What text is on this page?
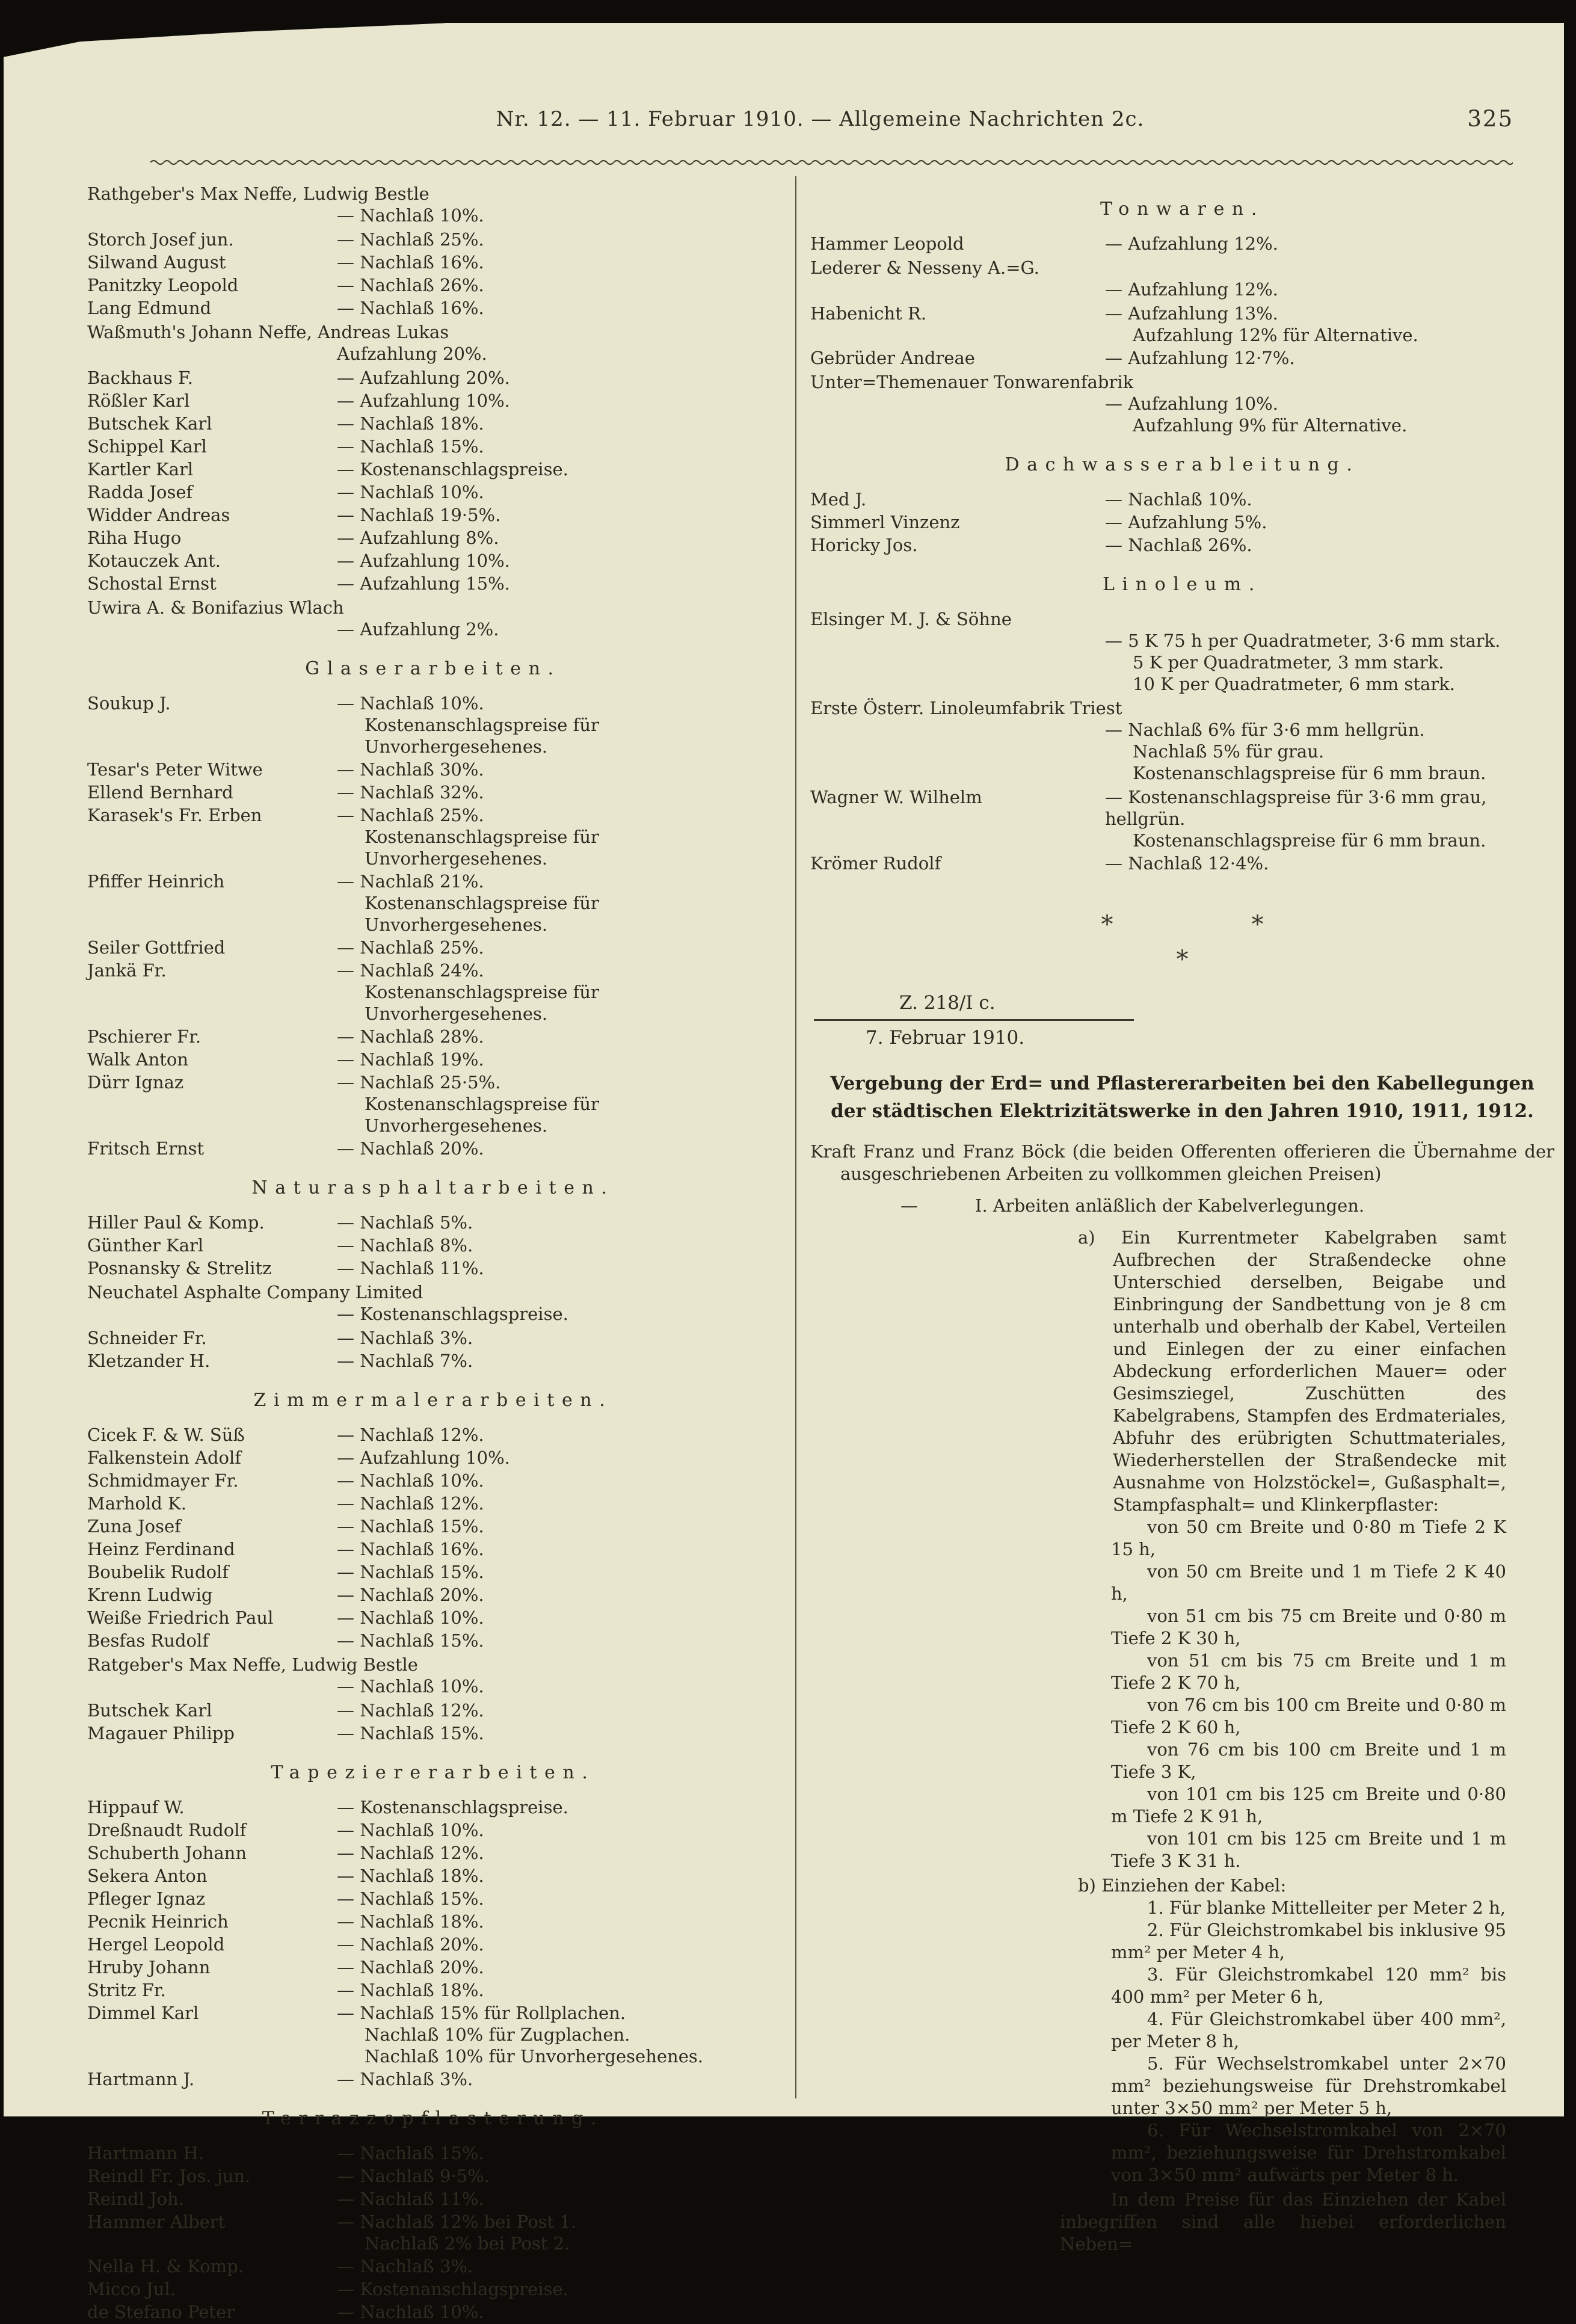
Nr. 12. — 11. Februar 1910. — Allgemeine Nachrichten 2c.	325
Rathgeber's Max Neffe, Ludwig Bestle
— Nachlaß 10%.
Storch Josef jun.	— Nachlaß 25%.
Silwand August	— Nachlaß 16%.
Panitzky Leopold	— Nachlaß 26%.
Lang Edmund	— Nachlaß 16%.
Waßmuth's Johann Neffe, Andreas Lukas
Aufzahlung 20%.
Backhaus F.	— Aufzahlung 20%.
Rößler Karl	— Aufzahlung 10%.
Butschek Karl	— Nachlaß 18%.
Schippel Karl	— Nachlaß 15%.
Kartler Karl	— Kostenanschlagspreise.
Radda Josef	— Nachlaß 10%.
Widder Andreas	— Nachlaß 19·5%.
Riha Hugo	— Aufzahlung 8%.
Kotauczek Ant.	— Aufzahlung 10%.
Schostal Ernst	— Aufzahlung 15%.
Uwira A. & Bonifazius Wlach
— Aufzahlung 2%.
Glaserarbeiten.
Soukup J.	— Nachlaß 10%.
Kostenanschlagspreise für Unvorhergesehenes.
Tesar's Peter Witwe	— Nachlaß 30%.
Ellend Bernhard	— Nachlaß 32%.
Karasek's Fr. Erben	— Nachlaß 25%.
Kostenanschlagspreise für Unvorhergesehenes.
Pfiffer Heinrich	— Nachlaß 21%.
Kostenanschlagspreise für Unvorhergesehenes.
Seiler Gottfried	— Nachlaß 25%.
Jankä Fr.	— Nachlaß 24%.
Kostenanschlagspreise für Unvorhergesehenes.
Pschierer Fr.	— Nachlaß 28%.
Walk Anton	— Nachlaß 19%.
Dürr Ignaz	— Nachlaß 25·5%.
Kostenanschlagspreise für Unvorhergesehenes.
Fritsch Ernst	— Nachlaß 20%.
Naturasphaltarbeiten.
Hiller Paul & Komp.	— Nachlaß 5%.
Günther Karl	— Nachlaß 8%.
Posnansky & Strelitz	— Nachlaß 11%.
Neuchatel Asphalte Company Limited
— Kostenanschlagspreise.
Schneider Fr.	— Nachlaß 3%.
Kletzander H.	— Nachlaß 7%.
Zimmermalerarbeiten.
Cicek F. & W. Süß	— Nachlaß 12%.
Falkenstein Adolf	— Aufzahlung 10%.
Schmidmayer Fr.	— Nachlaß 10%.
Marhold K.	— Nachlaß 12%.
Zuna Josef	— Nachlaß 15%.
Heinz Ferdinand	— Nachlaß 16%.
Boubelik Rudolf	— Nachlaß 15%.
Krenn Ludwig	— Nachlaß 20%.
Weiße Friedrich Paul	— Nachlaß 10%.
Besfas Rudolf	— Nachlaß 15%.
Ratgeber's Max Neffe, Ludwig Bestle
— Nachlaß 10%.
Butschek Karl	— Nachlaß 12%.
Magauer Philipp	— Nachlaß 15%.
Tapeziererarbeiten.
Hippauf W.	— Kostenanschlagspreise.
Dreßnaudt Rudolf	— Nachlaß 10%.
Schuberth Johann	— Nachlaß 12%.
Sekera Anton	— Nachlaß 18%.
Pfleger Ignaz	— Nachlaß 15%.
Pecnik Heinrich	— Nachlaß 18%.
Hergel Leopold	— Nachlaß 20%.
Hruby Johann	— Nachlaß 20%.
Stritz Fr.	— Nachlaß 18%.
Dimmel Karl	— Nachlaß 15% für Rollplachen.
Nachlaß 10% für Zugplachen.
Nachlaß 10% für Unvorhergesehenes.
Hartmann J.	— Nachlaß 3%.
Terrazzopflasterung.
Hartmann H.	— Nachlaß 15%.
Reindl Fr. Jos. jun.	— Nachlaß 9·5%.
Reindl Joh.	— Nachlaß 11%.
Hammer Albert	— Nachlaß 12% bei Post 1.
Nachlaß 2% bei Post 2.
Nella H. & Komp.	— Nachlaß 3%.
Micco Jul.	— Kostenanschlagspreise.
de Stefano Peter	— Nachlaß 10%.
Tonwaren.
Hammer Leopold	— Aufzahlung 12%.
Lederer & Nesseny A.=G.
— Aufzahlung 12%.
Habenicht R.	— Aufzahlung 13%.
Aufzahlung 12% für Alternative.
Gebrüder Andreae	— Aufzahlung 12·7%.
Unter=Themenauer Tonwarenfabrik
— Aufzahlung 10%.
Aufzahlung 9% für Alternative.
Dachwasserableitung.
Med J.	— Nachlaß 10%.
Simmerl Vinzenz	— Aufzahlung 5%.
Horicky Jos.	— Nachlaß 26%.
Linoleum.
Elsinger M. J. & Söhne
— 5 K 75 h per Quadratmeter, 3·6 mm stark.
5 K per Quadratmeter, 3 mm stark.
10 K per Quadratmeter, 6 mm stark.
Erste Österr. Linoleumfabrik Triest
— Nachlaß 6% für 3·6 mm hellgrün.
Nachlaß 5% für grau.
Kostenanschlagspreise für 6 mm braun.
Wagner W. Wilhelm	— Kostenanschlagspreise für 3·6 mm grau, hellgrün.
Kostenanschlagspreise für 6 mm braun.
Krömer Rudolf	— Nachlaß 12·4%.
*	*
*
Z. 218/I c.
7. Februar 1910.
Vergebung der Erd= und Pflastererarbeiten bei den Kabellegungen der städtischen Elektrizitätswerke in den Jahren 1910, 1911, 1912.
Kraft Franz und Franz Böck (die beiden Offerenten offerieren die Übernahme der ausgeschriebenen Arbeiten zu vollkommen gleichen Preisen)
—	I. Arbeiten anläßlich der Kabelverlegungen.
a) Ein Kurrentmeter Kabelgraben samt Aufbrechen der Straßendecke ohne Unterschied derselben, Beigabe und Einbringung der Sandbettung von je 8 cm unterhalb und oberhalb der Kabel, Verteilen und Einlegen der zu einer einfachen Abdeckung erforderlichen Mauer= oder Gesimsziegel, Zuschütten des Kabelgrabens, Stampfen des Erdmateriales, Abfuhr des erübrigten Schuttmateriales, Wiederherstellen der Straßendecke mit Ausnahme von Holzstöckel=, Gußasphalt=, Stampfasphalt= und Klinkerpflaster:
von 50 cm Breite und 0·80 m Tiefe 2 K 15 h,
von 50 cm Breite und 1 m Tiefe 2 K 40 h,
von 51 cm bis 75 cm Breite und 0·80 m Tiefe 2 K 30 h,
von 51 cm bis 75 cm Breite und 1 m Tiefe 2 K 70 h,
von 76 cm bis 100 cm Breite und 0·80 m Tiefe 2 K 60 h,
von 76 cm bis 100 cm Breite und 1 m Tiefe 3 K,
von 101 cm bis 125 cm Breite und 0·80 m Tiefe 2 K 91 h,
von 101 cm bis 125 cm Breite und 1 m Tiefe 3 K 31 h.
b) Einziehen der Kabel:
1. Für blanke Mittelleiter per Meter 2 h,
2. Für Gleichstromkabel bis inklusive 95 mm² per Meter 4 h,
3. Für Gleichstromkabel 120 mm² bis 400 mm² per Meter 6 h,
4. Für Gleichstromkabel über 400 mm², per Meter 8 h,
5. Für Wechselstromkabel unter 2×70 mm² beziehungsweise für Drehstromkabel unter 3×50 mm² per Meter 5 h,
6. Für Wechselstromkabel von 2×70 mm², beziehungsweise für Drehstromkabel von 3×50 mm² aufwärts per Meter 8 h.
In dem Preise für das Einziehen der Kabel inbegriffen sind alle hiebei erforderlichen Neben=
